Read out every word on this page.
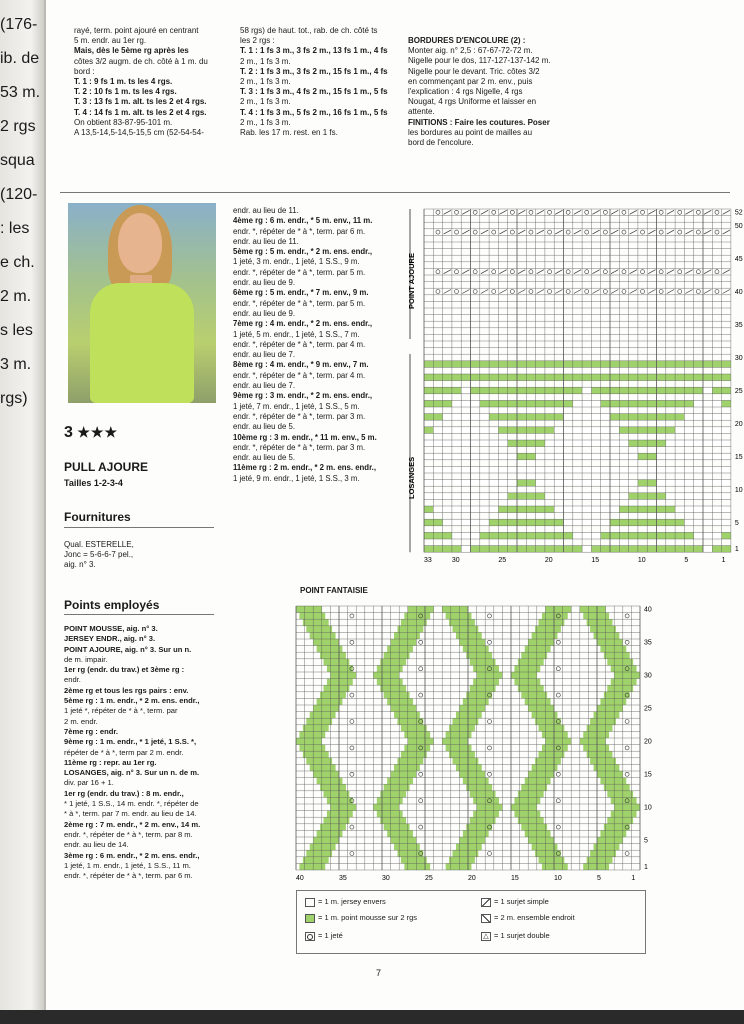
(176-

ib. de

53 m.

2 rgs

squa

(120-

: les

e ch.

2 m.

s les

3 m.

rgs)

rayé, term. point ajouré en centrant

5 m. endr. au 1er rg.

Mais, dès le 5ème rg après les

côtes 3/2 augm. de ch. côté à 1 m. du

bord :

T. 1 : 9 fs 1 m. ts les 4 rgs.

T. 2 : 10 fs 1 m. ts les 4 rgs.

T. 3 : 13 fs 1 m. alt. ts les 2 et 4 rgs.

T. 4 : 14 fs 1 m. alt. ts les 2 et 4 rgs.

On obtient 83-87-95-101 m.

A 13,5-14,5-14,5-15,5 cm (52-54-54-

58 rgs) de haut. tot., rab. de ch. côté ts

les 2 rgs :

T. 1 : 1 fs 3 m., 3 fs 2 m., 13 fs 1 m., 4 fs

2 m., 1 fs 3 m.

T. 2 : 1 fs 3 m., 3 fs 2 m., 15 fs 1 m., 4 fs

2 m., 1 fs 3 m.

T. 3 : 1 fs 3 m., 4 fs 2 m., 15 fs 1 m., 5 fs

2 m., 1 fs 3 m.

T. 4 : 1 fs 3 m., 5 fs 2 m., 16 fs 1 m., 5 fs

2 m., 1 fs 3 m.

Rab. les 17 m. rest. en 1 fs.

BORDURES D'ENCOLURE (2) :

Monter aig. n° 2,5 : 67-67-72-72 m.

Nigelle pour le dos, 117-127-137-142 m.

Nigelle pour le devant. Tric. côtes 3/2

en commençant par 2 m. env., puis

l'explication : 4 rgs Nigelle, 4 rgs

Nougat, 4 rgs Uniforme et laisser en

attente.

FINITIONS : Faire les coutures. Poser

les bordures au point de mailles au

bord de l'encolure.

3 ★★★
PULL AJOURE
Tailles 1-2-3-4
Fournitures

Qual. ESTERELLE,

Jonc = 5-6-6-7 pel.,

aig. n° 3.

Points employés

POINT MOUSSE, aig. n° 3.

JERSEY ENDR., aig. n° 3.

POINT AJOURE, aig. n° 3. Sur un n.

de m. impair.

1er rg (endr. du trav.) et 3ème rg :

endr.

2ème rg et tous les rgs pairs : env.

5ème rg : 1 m. endr., * 2 m. ens. endr.,

1 jeté *, répéter de * à *, term. par

2 m. endr.

7ème rg : endr.

9ème rg : 1 m. endr., * 1 jeté, 1 S.S. *,

répéter de * à *, term par 2 m. endr.

11ème rg : repr. au 1er rg.

LOSANGES, aig. n° 3. Sur un n. de m.

div. par 16 + 1.

1er rg (endr. du trav.) : 8 m. endr.,

* 1 jeté, 1 S.S., 14 m. endr. *, répéter de

* à *, term. par 7 m. endr. au lieu de 14.

2ème rg : 7 m. endr., * 2 m. env., 14 m.

endr. *, répéter de * à *, term. par 8 m.

endr. au lieu de 14.

3ème rg : 6 m. endr., * 2 m. ens. endr.,

1 jeté, 1 m. endr., 1 jeté, 1 S.S., 11 m.

endr. *, répéter de * à *, term. par 6 m.

endr. au lieu de 11.

4ème rg : 6 m. endr., * 5 m. env., 11 m.

endr. *, répéter de * à *, term. par 6 m.

endr. au lieu de 11.

5ème rg : 5 m. endr., * 2 m. ens. endr.,

1 jeté, 3 m. endr., 1 jeté, 1 S.S., 9 m.

endr. *, répéter de * à *, term. par 5 m.

endr. au lieu de 9.

6ème rg : 5 m. endr., * 7 m. env., 9 m.

endr. *, répéter de * à *, term. par 5 m.

endr. au lieu de 9.

7ème rg : 4 m. endr., * 2 m. ens. endr.,

1 jeté, 5 m. endr., 1 jeté, 1 S.S., 7 m.

endr. *, répéter de * à *, term. par 4 m.

endr. au lieu de 7.

8ème rg : 4 m. endr., * 9 m. env., 7 m.

endr. *, répéter de * à *, term. par 4 m.

endr. au lieu de 7.

9ème rg : 3 m. endr., * 2 m. ens. endr.,

1 jeté, 7 m. endr., 1 jeté, 1 S.S., 5 m.

endr. *, répéter de * à *, term. par 3 m.

endr. au lieu de 5.

10ème rg : 3 m. endr., * 11 m. env., 5 m.

endr. *, répéter de * à *, term. par 3 m.

endr. au lieu de 5.

11ème rg : 2 m. endr., * 2 m. ens. endr.,

1 jeté, 9 m. endr., 1 jeté, 1 S.S., 3 m.

POINT AJOURE
LOSANGES
52
50
45
40
35
30
25
20
15
10
5
1
33	30	25	20	15	10	5	1
POINT FANTAISIE
40
35
30
25
20
15
10
5
1
40	35	30	25	20	15	10	5	1
= 1 m. jersey envers
= 1 m. point mousse sur 2 rgs
= 1 jeté
= 1 surjet simple
= 2 m. ensemble endroit
△ = 1 surjet double
7
